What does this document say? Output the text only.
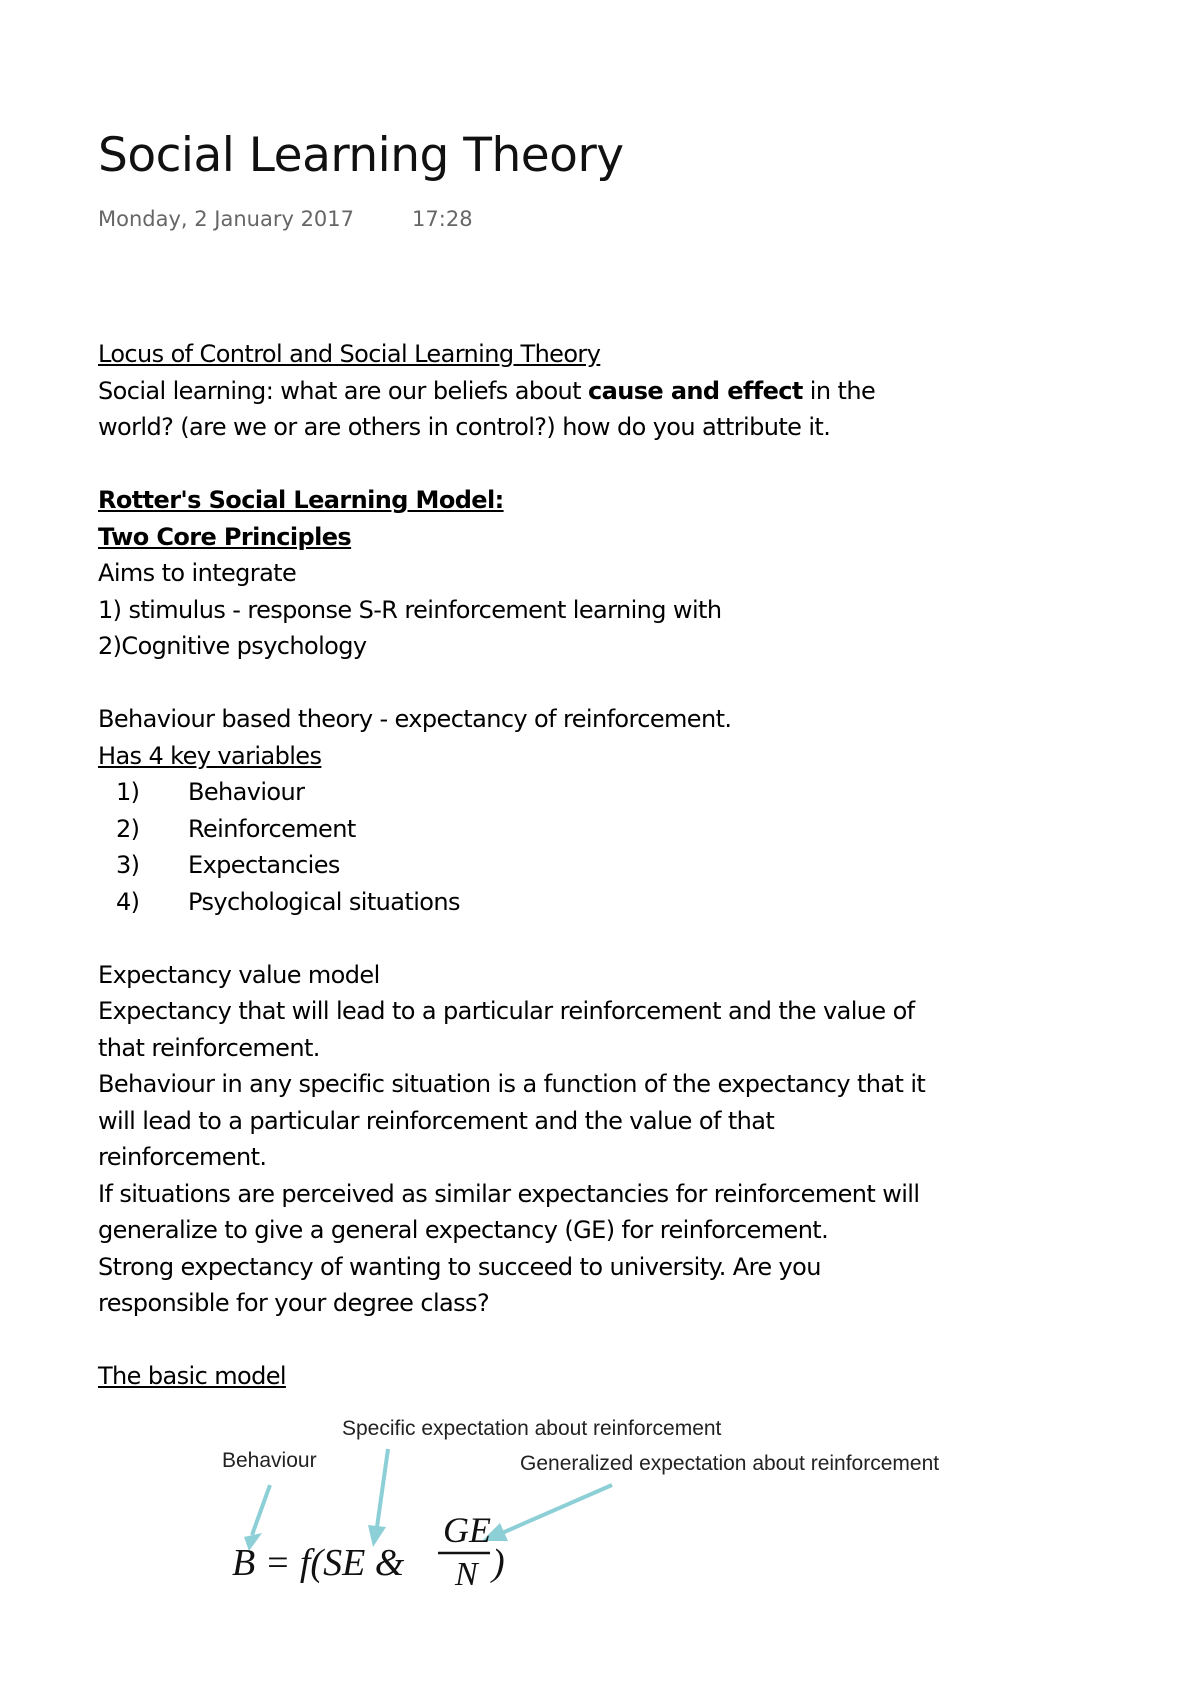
Social Learning Theory
Monday, 2 January 2017	17:28

Locus of Control and Social Learning Theory

Social learning: what are our beliefs about cause and effect in the

world? (are we or are others in control?) how do you attribute it.

Rotter's Social Learning Model:

Two Core Principles

Aims to integrate

1) stimulus - response S-R reinforcement learning with

2)Cognitive psychology

Behaviour based theory - expectancy of reinforcement.

Has 4 key variables

1)	Behaviour
2)	Reinforcement
3)	Expectancies
4)	Psychological situations

Expectancy value model

Expectancy that will lead to a particular reinforcement and the value of

that reinforcement.

Behaviour in any specific situation is a function of the expectancy that it

will lead to a particular reinforcement and the value of that

reinforcement.

If situations are perceived as similar expectancies for reinforcement will

generalize to give a general expectancy (GE) for reinforcement.

Strong expectancy of wanting to succeed to university. Are you

responsible for your degree class?

The basic model

Specific expectation about reinforcement
Behaviour	Generalized expectation about reinforcement
B = f(SE &
GE
N )
